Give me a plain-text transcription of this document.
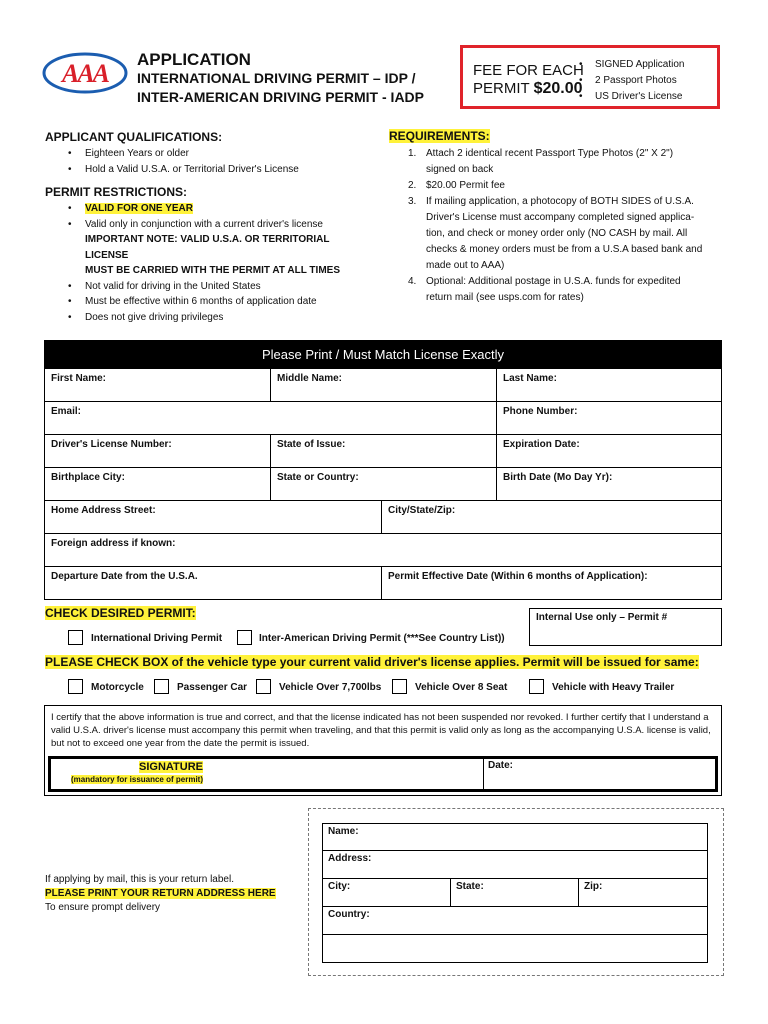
AAA APPLICATION
INTERNATIONAL DRIVING PERMIT – IDP /
INTER-AMERICAN DRIVING PERMIT - IADP
FEE FOR EACH
PERMIT $20.00
• SIGNED Application
• 2 Passport Photos
• US Driver's License
APPLICANT QUALIFICATIONS:
• Eighteen Years or older
• Hold a Valid U.S.A. or Territorial Driver's License
PERMIT RESTRICTIONS:
• VALID FOR ONE YEAR
• Valid only in conjunction with a current driver's license
IMPORTANT NOTE: VALID U.S.A. OR TERRITORIAL LICENSE
MUST BE CARRIED WITH THE PERMIT AT ALL TIMES
• Not valid for driving in the United States
• Must be effective within 6 months of application date
• Does not give driving privileges
REQUIREMENTS:
1. Attach 2 identical recent Passport Type Photos (2" X 2")
signed on back
2. $20.00 Permit fee
3. If mailing application, a photocopy of BOTH SIDES of U.S.A.
Driver's License must accompany completed signed applica-
tion, and check or money order only (NO CASH by mail. All
checks & money orders must be from a U.S.A based bank and
made out to AAA)
4. Optional: Additional postage in U.S.A. funds for expedited
return mail (see usps.com for rates)
Please Print / Must Match License Exactly
First Name:	Middle Name:	Last Name:
Email:	Phone Number:
Driver's License Number:	State of Issue:	Expiration Date:
Birthplace City:	State or Country:	Birth Date (Mo Day Yr):
Home Address Street:	City/State/Zip:
Foreign address if known:
Departure Date from the U.S.A.	Permit Effective Date (Within 6 months of Application):
CHECK DESIRED PERMIT:	Internal Use only – Permit #
International Driving Permit	Inter-American Driving Permit (***See Country List))
PLEASE CHECK BOX of the vehicle type your current valid driver's license applies. Permit will be issued for same:
Motorcycle	Passenger Car	Vehicle Over 7,700lbs	Vehicle Over 8 Seat	Vehicle with Heavy Trailer
I certify that the above information is true and correct, and that the license indicated has not been suspended nor revoked. I further certify that I understand a valid U.S.A. driver's license must accompany this permit when traveling, and that this permit is valid only as long as the accompanying U.S.A. license is valid, but not to exceed one year from the date the permit is issued.
SIGNATURE
(mandatory for issuance of permit)
Date:
If applying by mail, this is your return label.
PLEASE PRINT YOUR RETURN ADDRESS HERE
To ensure prompt delivery
Name:
Address:
City:	State:	Zip:
Country:
